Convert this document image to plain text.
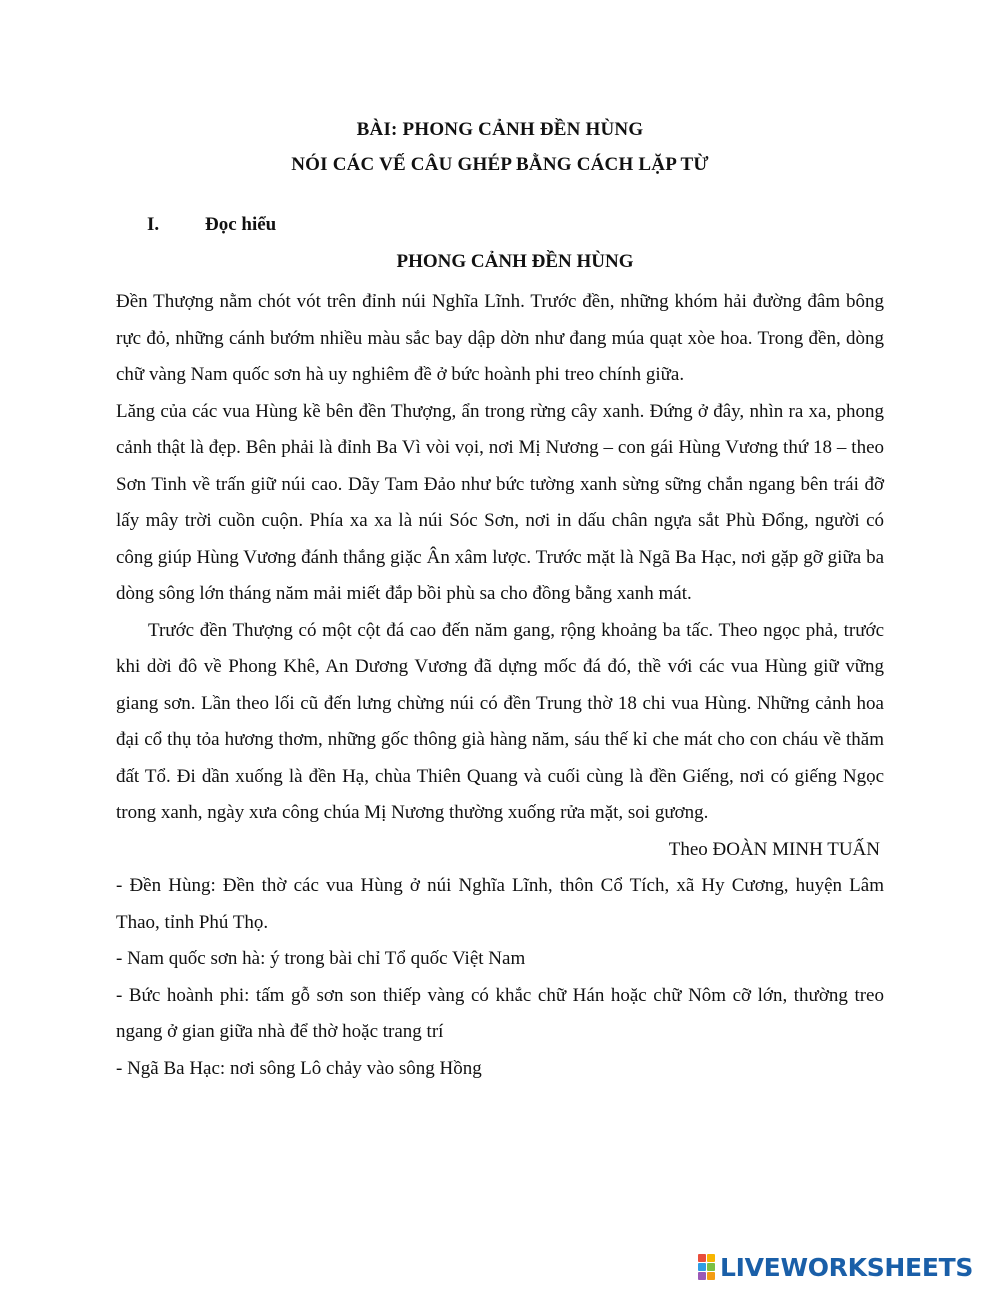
BÀI: PHONG CẢNH ĐỀN HÙNG
NÓI CÁC VẾ CÂU GHÉP BẰNG CÁCH LẶP TỪ
I. Đọc hiểu
PHONG CẢNH ĐỀN HÙNG

Đền Thượng nằm chót vót trên đỉnh núi Nghĩa Lĩnh. Trước đền, những khóm hải đường đâm bông rực đỏ, những cánh bướm nhiều màu sắc bay dập dờn như đang múa quạt xòe hoa. Trong đền, dòng chữ vàng Nam quốc sơn hà uy nghiêm đề ở bức hoành phi treo chính giữa.

Lăng của các vua Hùng kề bên đền Thượng, ẩn trong rừng cây xanh. Đứng ở đây, nhìn ra xa, phong cảnh thật là đẹp. Bên phải là đỉnh Ba Vì vòi vọi, nơi Mị Nương – con gái Hùng Vương thứ 18 – theo Sơn Tinh về trấn giữ núi cao. Dãy Tam Đảo như bức tường xanh sừng sững chắn ngang bên trái đỡ lấy mây trời cuồn cuộn. Phía xa xa là núi Sóc Sơn, nơi in dấu chân ngựa sắt Phù Đổng, người có công giúp Hùng Vương đánh thắng giặc Ân xâm lược. Trước mặt là Ngã Ba Hạc, nơi gặp gỡ giữa ba dòng sông lớn tháng năm mải miết đắp bồi phù sa cho đồng bằng xanh mát.

Trước đền Thượng có một cột đá cao đến năm gang, rộng khoảng ba tấc. Theo ngọc phả, trước khi dời đô về Phong Khê, An Dương Vương đã dựng mốc đá đó, thề với các vua Hùng giữ vững giang sơn. Lần theo lối cũ đến lưng chừng núi có đền Trung thờ 18 chi vua Hùng. Những cảnh hoa đại cổ thụ tỏa hương thơm, những gốc thông già hàng năm, sáu thế kỉ che mát cho con cháu về thăm đất Tổ. Đi dần xuống là đền Hạ, chùa Thiên Quang và cuối cùng là đền Giếng, nơi có giếng Ngọc trong xanh, ngày xưa công chúa Mị Nương thường xuống rửa mặt, soi gương.

Theo ĐOÀN MINH TUẤN

- Đền Hùng: Đền thờ các vua Hùng ở núi Nghĩa Lĩnh, thôn Cổ Tích, xã Hy Cương, huyện Lâm Thao, tỉnh Phú Thọ.

- Nam quốc sơn hà: ý trong bài chỉ Tổ quốc Việt Nam

- Bức hoành phi: tấm gỗ sơn son thiếp vàng có khắc chữ Hán hoặc chữ Nôm cỡ lớn, thường treo ngang ở gian giữa nhà để thờ hoặc trang trí

- Ngã Ba Hạc: nơi sông Lô chảy vào sông Hồng

LIVEWORKSHEETS
